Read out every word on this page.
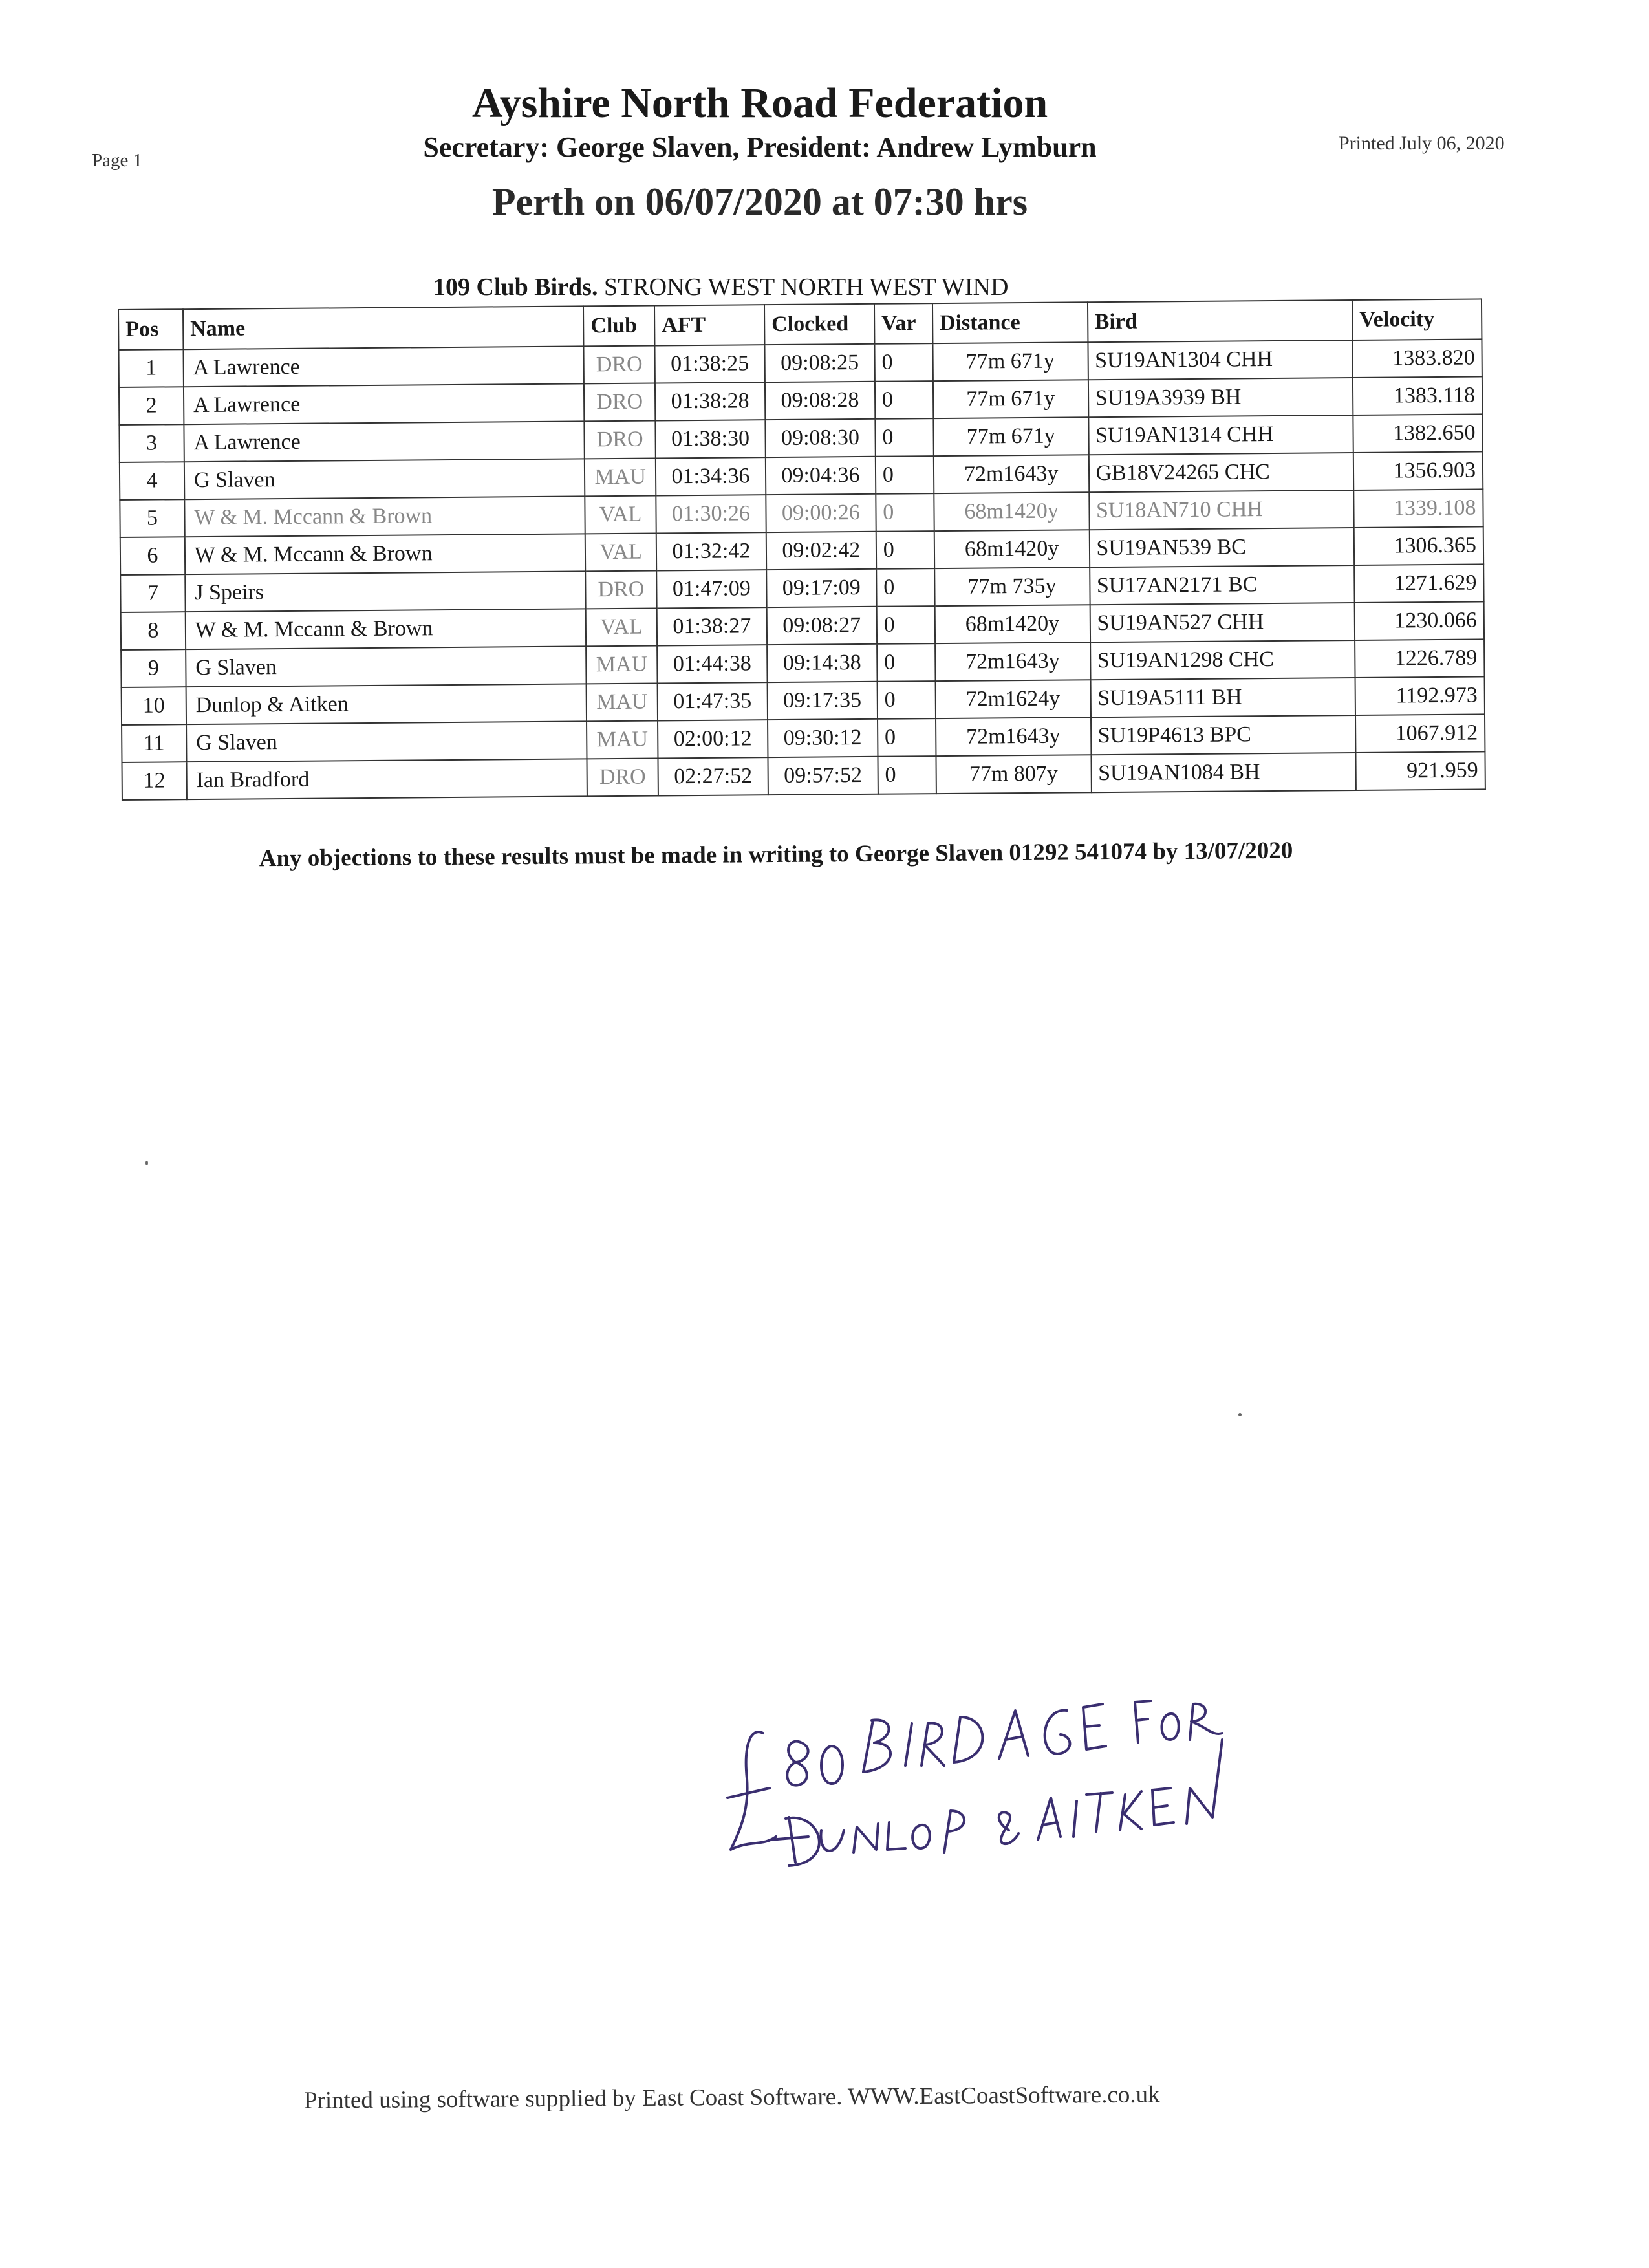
Page 1
Printed July 06, 2020
Ayshire North Road Federation
Secretary: George Slaven, President: Andrew Lymburn
Perth on 06/07/2020 at 07:30 hrs
109 Club Birds. STRONG WEST NORTH WEST WIND
Pos	Name	Club	AFT	Clocked	Var	Distance	Bird	Velocity
1	A Lawrence	DRO	01:38:25	09:08:25	0	77m 671y	SU19AN1304 CHH	1383.820
2	A Lawrence	DRO	01:38:28	09:08:28	0	77m 671y	SU19A3939 BH	1383.118
3	A Lawrence	DRO	01:38:30	09:08:30	0	77m 671y	SU19AN1314 CHH	1382.650
4	G Slaven	MAU	01:34:36	09:04:36	0	72m1643y	GB18V24265 CHC	1356.903
5	W & M. Mccann & Brown	VAL	01:30:26	09:00:26	0	68m1420y	SU18AN710 CHH	1339.108
6	W & M. Mccann & Brown	VAL	01:32:42	09:02:42	0	68m1420y	SU19AN539 BC	1306.365
7	J Speirs	DRO	01:47:09	09:17:09	0	77m 735y	SU17AN2171 BC	1271.629
8	W & M. Mccann & Brown	VAL	01:38:27	09:08:27	0	68m1420y	SU19AN527 CHH	1230.066
9	G Slaven	MAU	01:44:38	09:14:38	0	72m1643y	SU19AN1298 CHC	1226.789
10	Dunlop & Aitken	MAU	01:47:35	09:17:35	0	72m1624y	SU19A5111 BH	1192.973
11	G Slaven	MAU	02:00:12	09:30:12	0	72m1643y	SU19P4613 BPC	1067.912
12	Ian Bradford	DRO	02:27:52	09:57:52	0	77m 807y	SU19AN1084 BH	921.959
Any objections to these results must be made in writing to George Slaven 01292 541074 by 13/07/2020
Printed using software supplied by East Coast Software. WWW.EastCoastSoftware.co.uk
